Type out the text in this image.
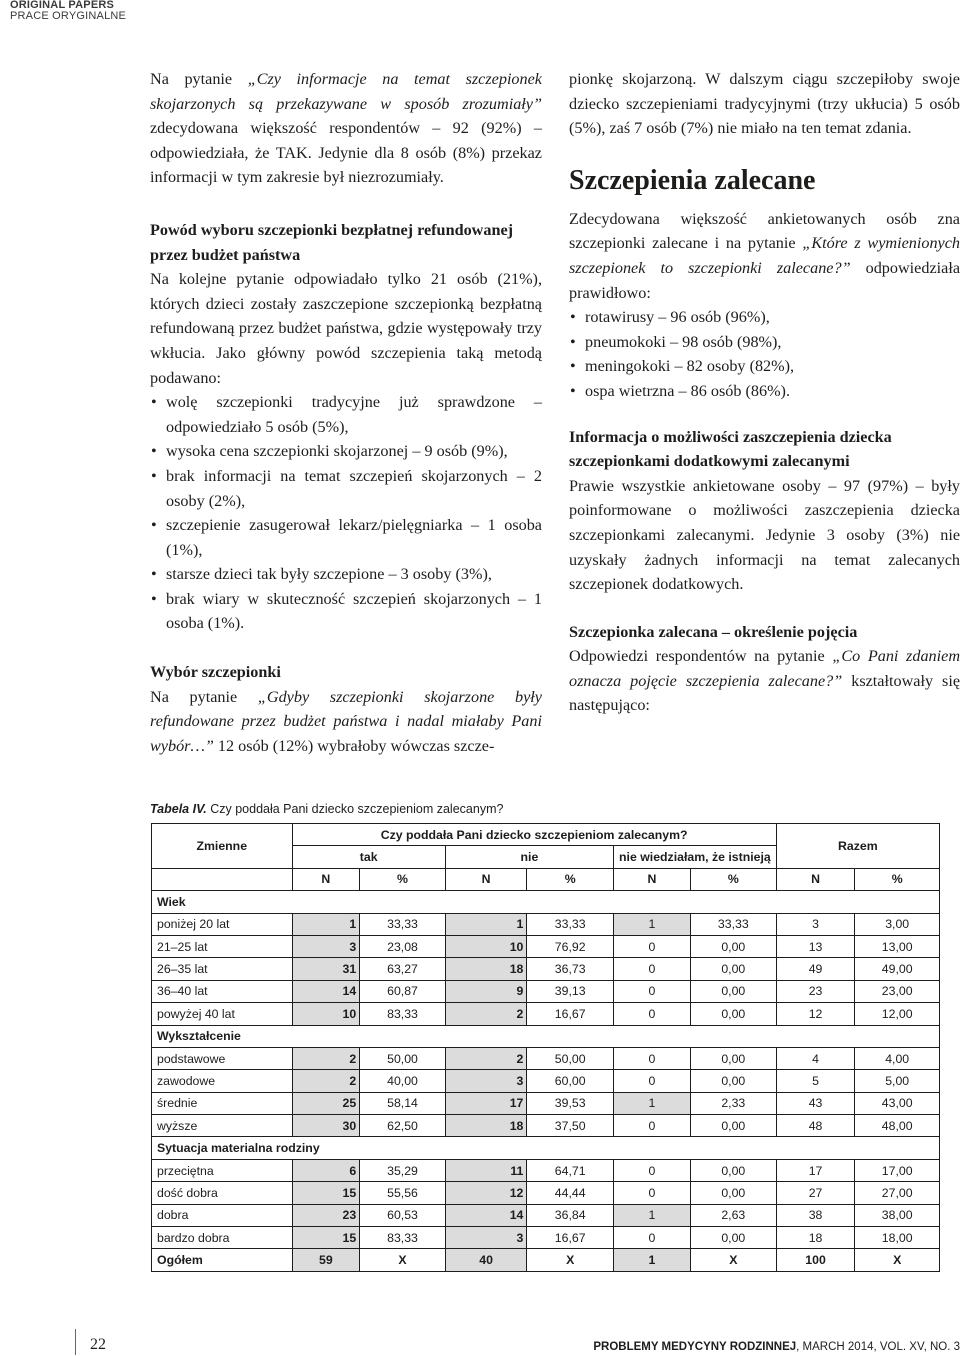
ORIGINAL PAPERS
PRACE ORYGINALNE

Na pytanie „Czy informacje na temat szczepionek skojarzonych są przekazywane w sposób zrozumiały” zdecydowana większość respondentów – 92 (92%) – odpowiedziała, że TAK. Jedynie dla 8 osób (8%) przekaz informacji w tym zakresie był niezrozumiały.

Powód wyboru szczepionki bezpłatnej refundowanej przez budżet państwa

Na kolejne pytanie odpowiadało tylko 21 osób (21%), których dzieci zostały zaszczepione szczepionką bezpłatną refundowaną przez budżet państwa, gdzie występowały trzy wkłucia. Jako główny powód szczepienia taką metodą podawano:

• wolę szczepionki tradycyjne już sprawdzone – odpowiedziało 5 osób (5%),
• wysoka cena szczepionki skojarzonej – 9 osób (9%),
• brak informacji na temat szczepień skojarzonych – 2 osoby (2%),
• szczepienie zasugerował lekarz/pielęgniarka – 1 osoba (1%),
• starsze dzieci tak były szczepione – 3 osoby (3%),
• brak wiary w skuteczność szczepień skojarzonych – 1 osoba (1%).

Wybór szczepionki

Na pytanie „Gdyby szczepionki skojarzone były refundowane przez budżet państwa i nadal miałaby Pani wybór…” 12 osób (12%) wybrałoby wówczas szcze-

pionkę skojarzoną. W dalszym ciągu szczepiłoby swoje dziecko szczepieniami tradycyjnymi (trzy ukłucia) 5 osób (5%), zaś 7 osób (7%) nie miało na ten temat zdania.

Szczepienia zalecane

Zdecydowana większość ankietowanych osób zna szczepionki zalecane i na pytanie „Które z wymienionych szczepionek to szczepionki zalecane?” odpowiedziała prawidłowo:

• rotawirusy – 96 osób (96%),
• pneumokoki – 98 osób (98%),
• meningokoki – 82 osoby (82%),
• ospa wietrzna – 86 osób (86%).

Informacja o możliwości zaszczepienia dziecka szczepionkami dodatkowymi zalecanymi

Prawie wszystkie ankietowane osoby – 97 (97%) – były poinformowane o możliwości zaszczepienia dziecka szczepionkami zalecanymi. Jedynie 3 osoby (3%) nie uzyskały żadnych informacji na temat zalecanych szczepionek dodatkowych.

Szczepionka zalecana – określenie pojęcia

Odpowiedzi respondentów na pytanie „Co Pani zdaniem oznacza pojęcie szczepienia zalecane?” kształtowały się następująco:

Tabela IV. Czy poddała Pani dziecko szczepieniom zalecanym?
Zmienne	Czy poddała Pani dziecko szczepieniom zalecanym?						Razem	
	tak		nie		nie wiedziałam, że istnieją			
	N	%	N	%	N	%	N	%
Wiek								
poniżej 20 lat	1	33,33	1	33,33	1	33,33	3	3,00
21–25 lat	3	23,08	10	76,92	0	0,00	13	13,00
26–35 lat	31	63,27	18	36,73	0	0,00	49	49,00
36–40 lat	14	60,87	9	39,13	0	0,00	23	23,00
powyżej 40 lat	10	83,33	2	16,67	0	0,00	12	12,00
Wykształcenie								
podstawowe	2	50,00	2	50,00	0	0,00	4	4,00
zawodowe	2	40,00	3	60,00	0	0,00	5	5,00
średnie	25	58,14	17	39,53	1	2,33	43	43,00
wyższe	30	62,50	18	37,50	0	0,00	48	48,00
Sytuacja materialna rodziny								
przeciętna	6	35,29	11	64,71	0	0,00	17	17,00
dość dobra	15	55,56	12	44,44	0	0,00	27	27,00
dobra	23	60,53	14	36,84	1	2,63	38	38,00
bardzo dobra	15	83,33	3	16,67	0	0,00	18	18,00
Ogółem	59	X	40	X	1	X	100	X
22	PROBLEMY MEDYCYNY RODZINNEJ, MARCH 2014, VOL. XV, NO. 3
